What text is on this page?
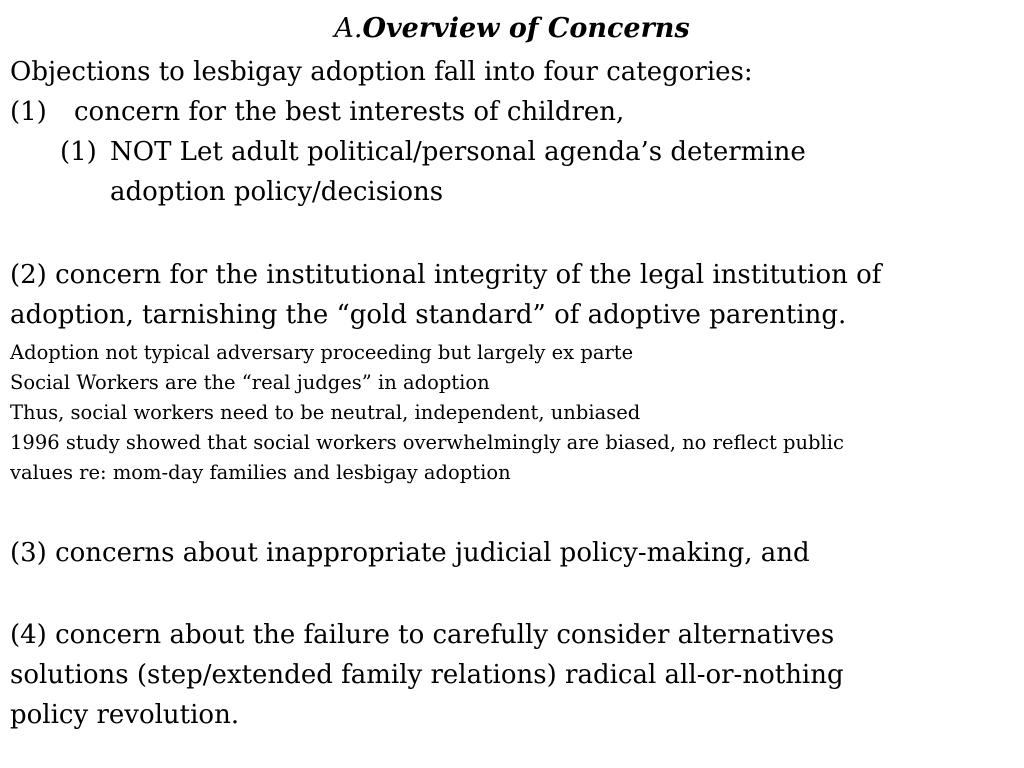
A.Overview of Concerns
Objections to lesbigay adoption fall into four categories:
(1) concern for the best interests of children,
(1) NOT Let adult political/personal agenda’s determine
adoption policy/decisions
(2) concern for the institutional integrity of the legal institution of
adoption, tarnishing the “gold standard” of adoptive parenting.
Adoption not typical adversary proceeding but largely ex parte
Social Workers are the “real judges” in adoption
Thus, social workers need to be neutral, independent, unbiased
1996 study showed that social workers overwhelmingly are biased, no reflect public
values re: mom-day families and lesbigay adoption
(3) concerns about inappropriate judicial policy-making, and
(4) concern about the failure to carefully consider alternatives
solutions (step/extended family relations) radical all-or-nothing
policy revolution.
